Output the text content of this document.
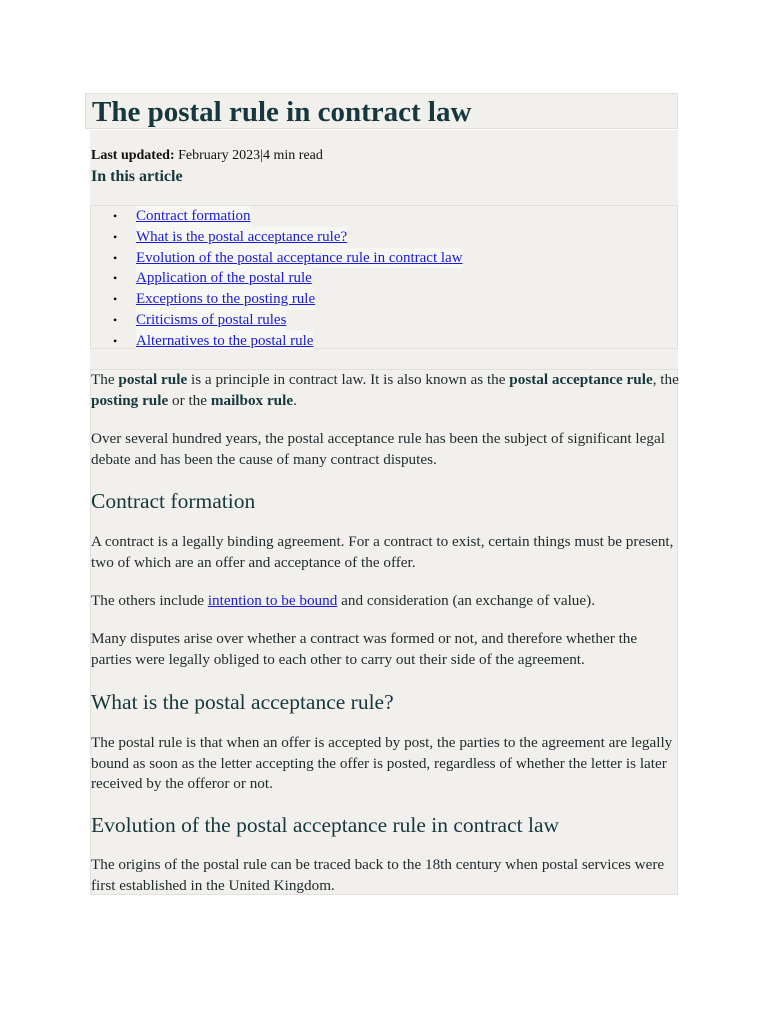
The postal rule in contract law
Last updated: February 2023|4 min read
In this article
• Contract formation
• What is the postal acceptance rule?
• Evolution of the postal acceptance rule in contract law
• Application of the postal rule
• Exceptions to the posting rule
• Criticisms of postal rules
• Alternatives to the postal rule

The postal rule is a principle in contract law. It is also known as the postal acceptance rule, the posting rule or the mailbox rule.

Over several hundred years, the postal acceptance rule has been the subject of significant legal debate and has been the cause of many contract disputes.

Contract formation

A contract is a legally binding agreement. For a contract to exist, certain things must be present, two of which are an offer and acceptance of the offer.

The others include intention to be bound and consideration (an exchange of value).

Many disputes arise over whether a contract was formed or not, and therefore whether the parties were legally obliged to each other to carry out their side of the agreement.

What is the postal acceptance rule?

The postal rule is that when an offer is accepted by post, the parties to the agreement are legally bound as soon as the letter accepting the offer is posted, regardless of whether the letter is later received by the offeror or not.

Evolution of the postal acceptance rule in contract law

The origins of the postal rule can be traced back to the 18th century when postal services were first established in the United Kingdom.
